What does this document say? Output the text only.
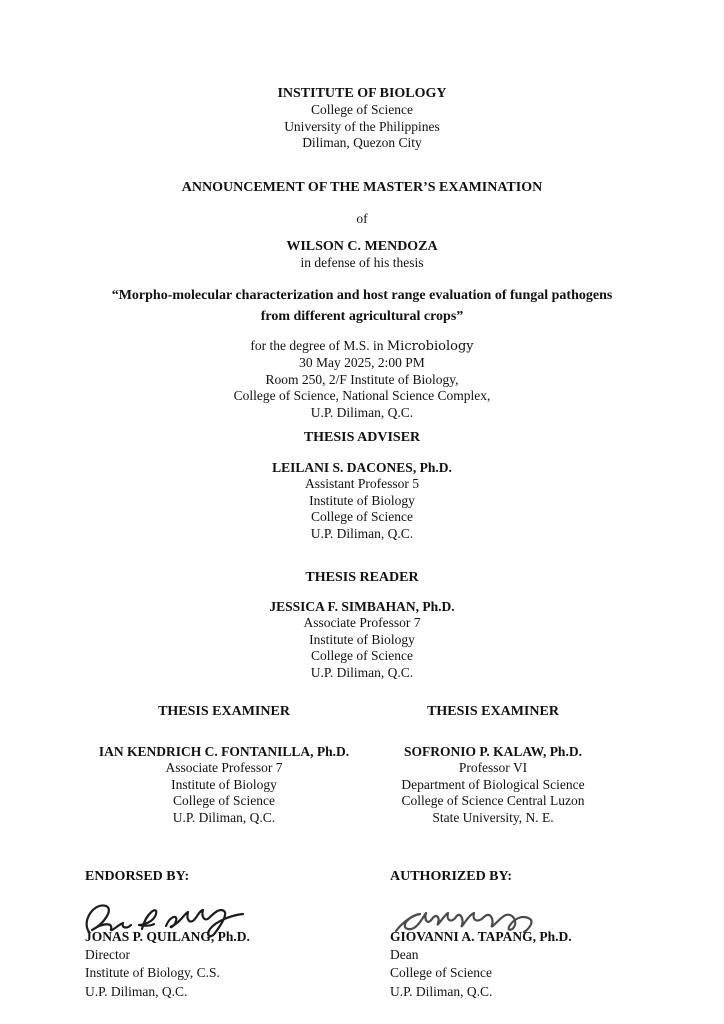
INSTITUTE OF BIOLOGY
College of Science
University of the Philippines
Diliman, Quezon City
ANNOUNCEMENT OF THE MASTER’S EXAMINATION
of
WILSON C. MENDOZA
in defense of his thesis
“Morpho-molecular characterization and host range evaluation of fungal pathogens
from different agricultural crops”
for the degree of M.S. in Microbiology
30 May 2025, 2:00 PM
Room 250, 2/F Institute of Biology,
College of Science, National Science Complex,
U.P. Diliman, Q.C.
THESIS ADVISER
LEILANI S. DACONES, Ph.D.
Assistant Professor 5
Institute of Biology
College of Science
U.P. Diliman, Q.C.
THESIS READER
JESSICA F. SIMBAHAN, Ph.D.
Associate Professor 7
Institute of Biology
College of Science
U.P. Diliman, Q.C.
THESIS EXAMINER	THESIS EXAMINER
IAN KENDRICH C. FONTANILLA, Ph.D.
Associate Professor 7
Institute of Biology
College of Science
U.P. Diliman, Q.C.
SOFRONIO P. KALAW, Ph.D.
Professor VI
Department of Biological Science
College of Science Central Luzon
State University, N. E.
ENDORSED BY:	AUTHORIZED BY:
JONAS P. QUILANG, Ph.D.
Director
Institute of Biology, C.S.
U.P. Diliman, Q.C.
GIOVANNI A. TAPANG, Ph.D.
Dean
College of Science
U.P. Diliman, Q.C.
